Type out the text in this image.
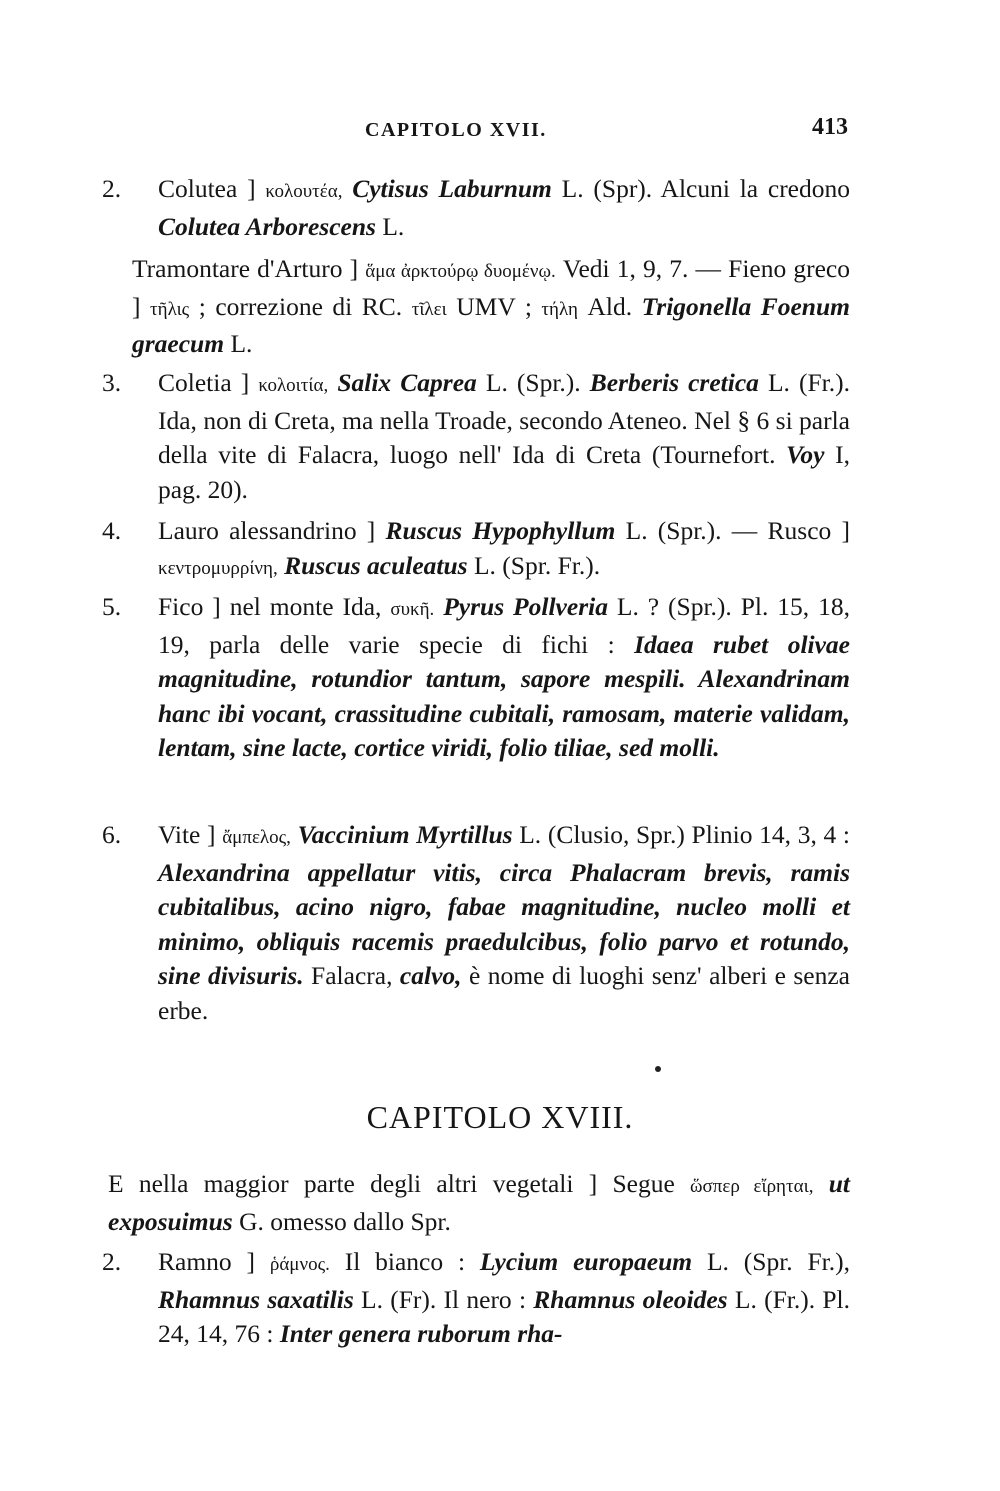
CAPITOLO XVII.	413
2.	Colutea ] κολουτέα, Cytisus Laburnum L. (Spr). Alcuni la credono Colutea Arborescens L.
Tramontare d'Arturo ] ἅμα ἀρκτούρῳ δυομένῳ. Vedi 1, 9, 7. — Fieno greco ] τῆλις ; correzione di RC. τῖλει UMV ; τήλη Ald. Trigonella Foenum graecum L.
3.	Coletia ] κολοιτία, Salix Caprea L. (Spr.). Berberis cretica L. (Fr.). Ida, non di Creta, ma nella Troade, secondo Ateneo. Nel § 6 si parla della vite di Falacra, luogo nell' Ida di Creta (Tournefort. Voy I, pag. 20).
4.	Lauro alessandrino ] Ruscus Hypophyllum L. (Spr.). — Rusco ] κεντρομυρρίνη, Ruscus aculeatus L. (Spr. Fr.).
5.	Fico ] nel monte Ida, συκῆ. Pyrus Pollveria L. ? (Spr.). Pl. 15, 18, 19, parla delle varie specie di fichi : Idaea rubet olivae magnitudine, rotundior tantum, sapore mespili. Alexandrinam hanc ibi vocant, crassitudine cubitali, ramosam, materie validam, lentam, sine lacte, cortice viridi, folio tiliae, sed molli.
6.	Vite ] ἄμπελος, Vaccinium Myrtillus L. (Clusio, Spr.) Plinio 14, 3, 4 : Alexandrina appellatur vitis, circa Phalacram brevis, ramis cubitalibus, acino nigro, fabae magnitudine, nucleo molli et minimo, obliquis racemis praedulcibus, folio parvo et rotundo, sine divisuris. Falacra, calvo, è nome di luoghi senz' alberi e senza erbe.
CAPITOLO XVIII.
E nella maggior parte degli altri vegetali ] Segue ὥσπερ εἴρηται, ut exposuimus G. omesso dallo Spr.
2.	Ramno ] ῥάμνος. Il bianco : Lycium europaeum L. (Spr. Fr.), Rhamnus saxatilis L. (Fr). Il nero : Rhamnus oleoides L. (Fr.). Pl. 24, 14, 76 : Inter genera ruborum rha-
